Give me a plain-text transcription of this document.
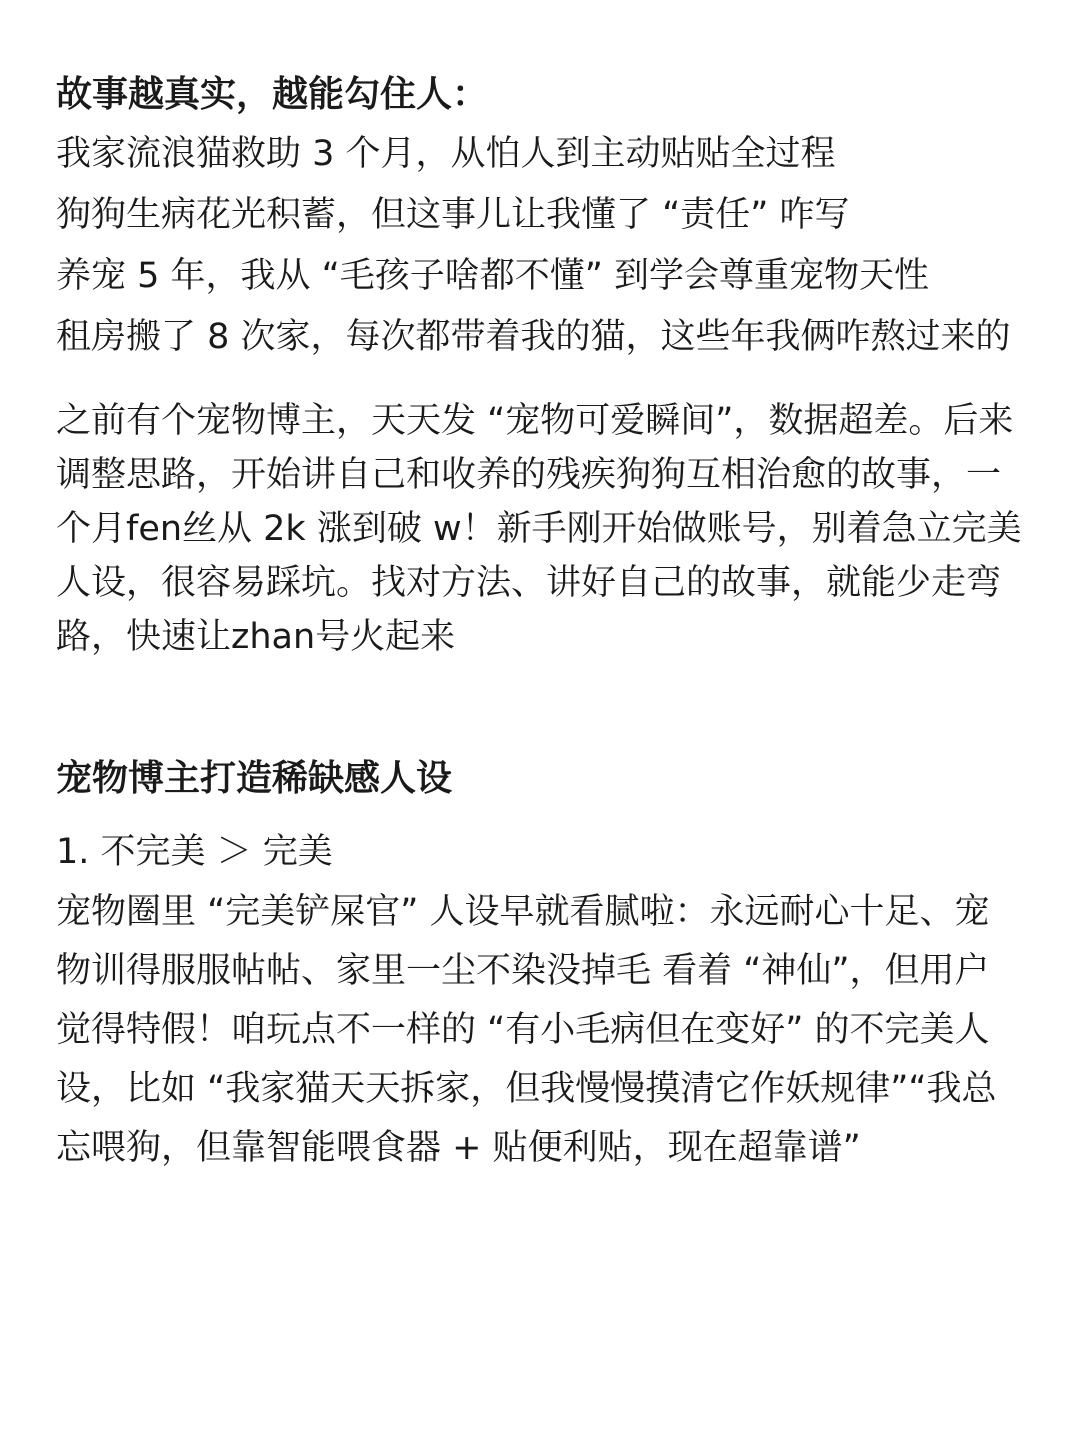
故事越真实，越能勾住人：

我家流浪猫救助 3 个月，从怕人到主动贴贴全过程

狗狗生病花光积蓄，但这事儿让我懂了 “责任” 咋写

养宠 5 年，我从 “毛孩子啥都不懂” 到学会尊重宠物天性

租房搬了 8 次家，每次都带着我的猫，这些年我俩咋熬过来的

之前有个宠物博主，天天发 “宠物可爱瞬间”，数据超差。后来调整思路，开始讲自己和收养的残疾狗狗互相治愈的故事，一个月fen丝从 2k 涨到破 w！新手刚开始做账号，别着急立完美人设，很容易踩坑。找对方法、讲好自己的故事，就能少走弯路，快速让zhan号火起来

宠物博主打造稀缺感人设

1. 不完美 ＞ 完美

宠物圈里 “完美铲屎官” 人设早就看腻啦：永远耐心十足、宠物训得服服帖帖、家里一尘不染没掉毛 看着 “神仙”，但用户觉得特假！咱玩点不一样的 “有小毛病但在变好” 的不完美人设，比如 “我家猫天天拆家，但我慢慢摸清它作妖规律”“我总忘喂狗，但靠智能喂食器 + 贴便利贴，现在超靠谱”
